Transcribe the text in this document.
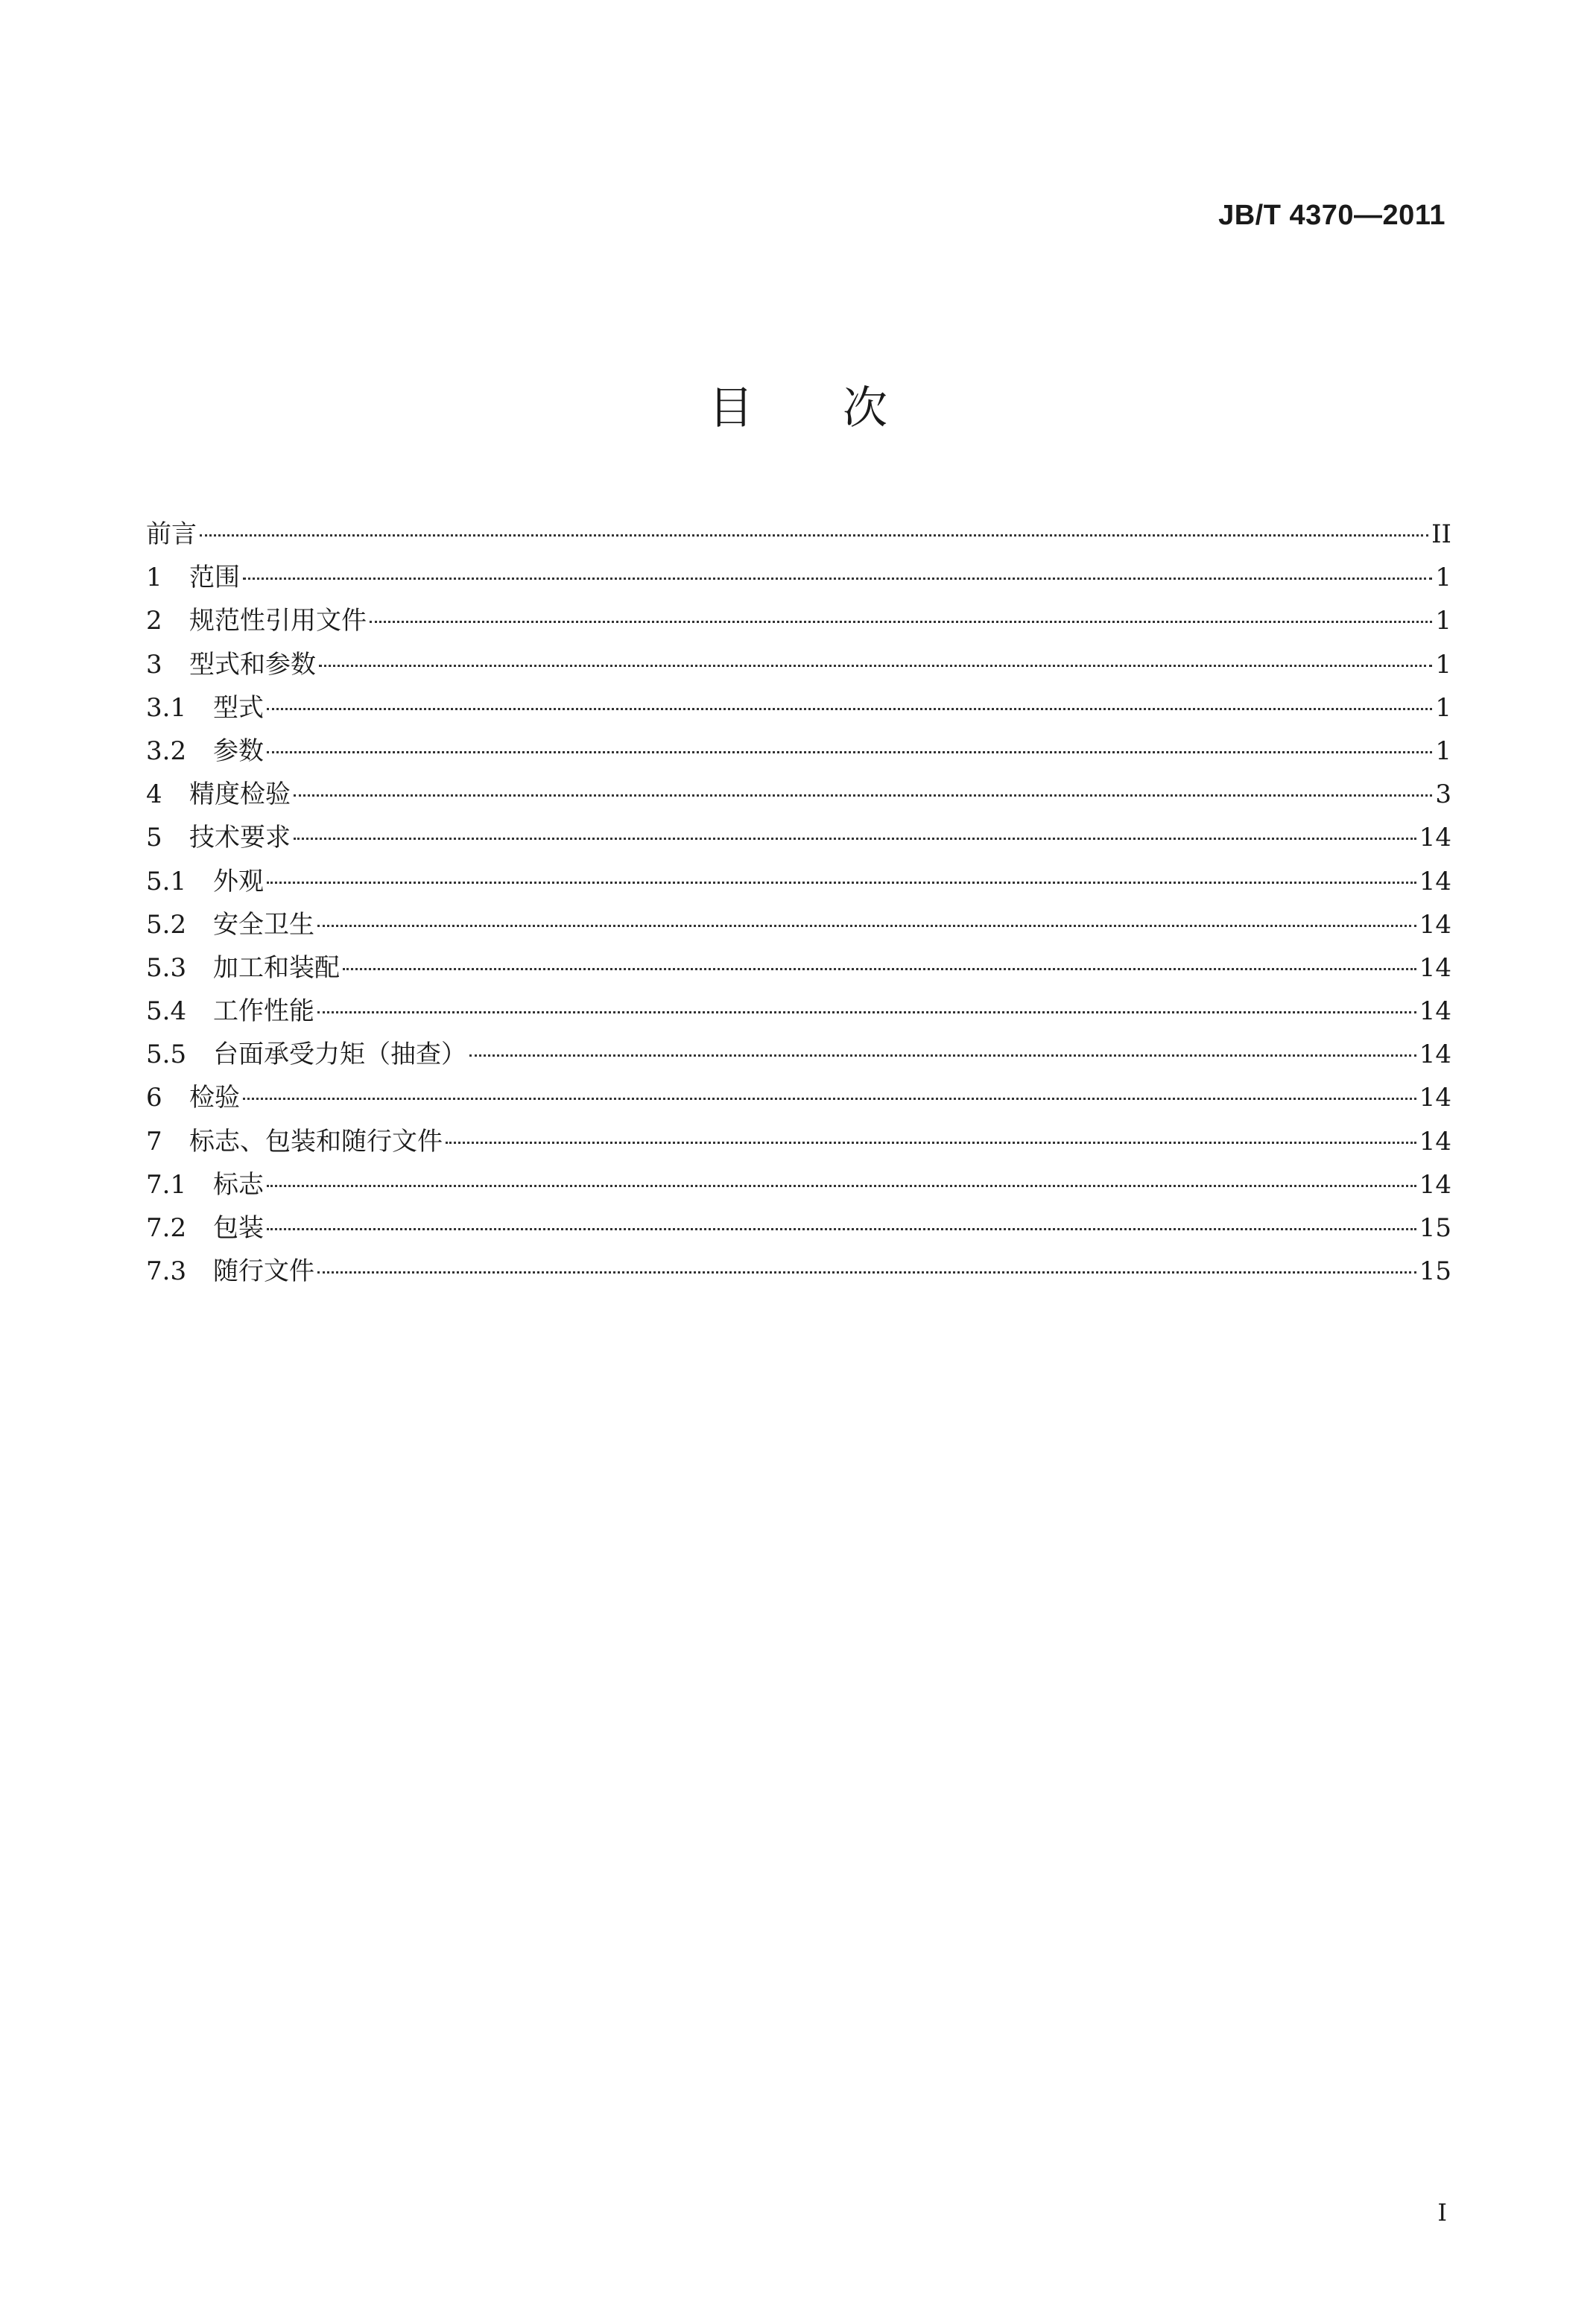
JB/T 4370—2011
目　　次
前言	II
1	范围	1
2	规范性引用文件	1
3	型式和参数	1
3.1	型式	1
3.2	参数	1
4	精度检验	3
5	技术要求	14
5.1	外观	14
5.2	安全卫生	14
5.3	加工和装配	14
5.4	工作性能	14
5.5	台面承受力矩（抽查）	14
6	检验	14
7	标志、包装和随行文件	14
7.1	标志	14
7.2	包装	15
7.3	随行文件	15
I
